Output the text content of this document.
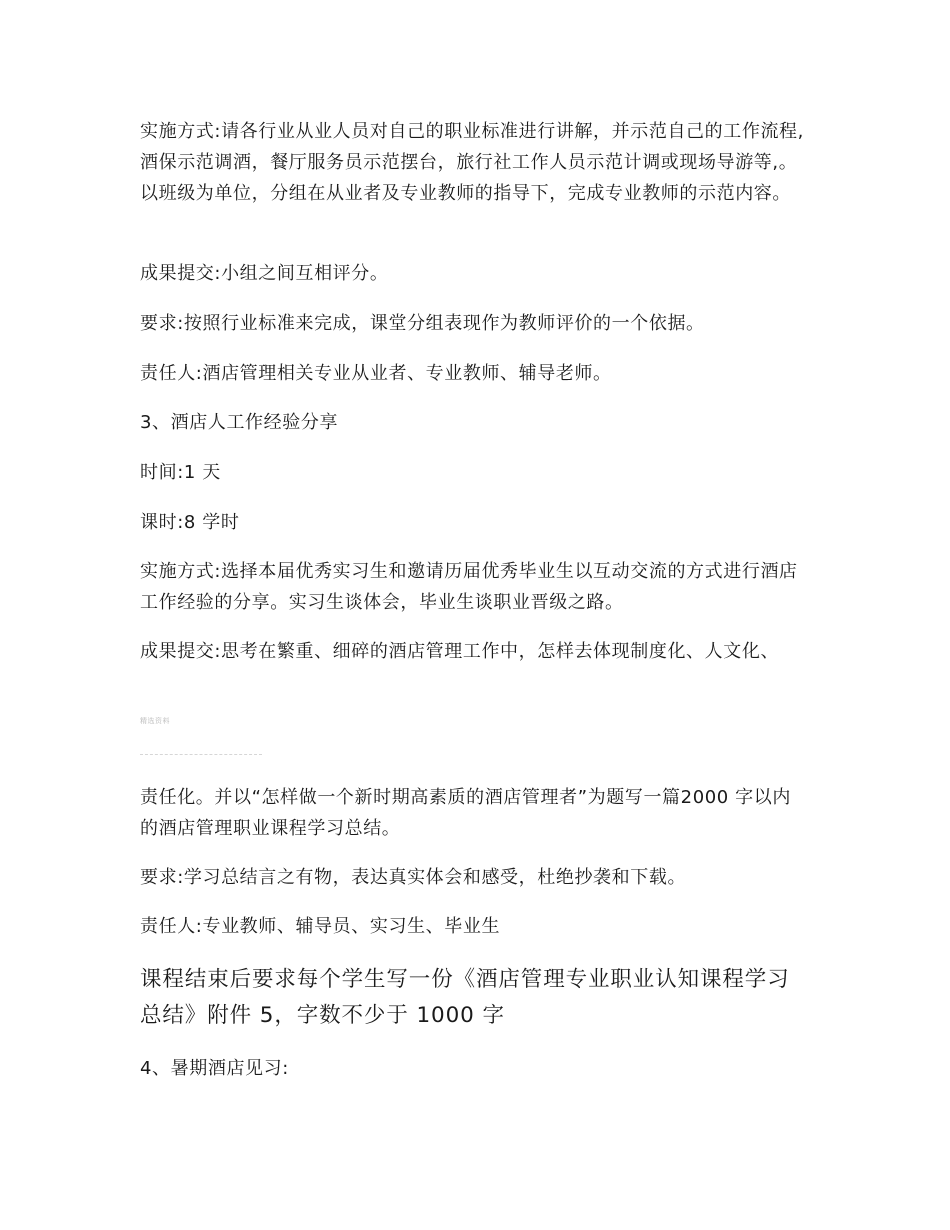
实施方式:请各行业从业人员对自己的职业标准进行讲解，并示范自己的工作流程,酒保示范调酒，餐厅服务员示范摆台，旅行社工作人员示范计调或现场导游等,。以班级为单位，分组在从业者及专业教师的指导下，完成专业教师的示范内容。

成果提交:小组之间互相评分。

要求:按照行业标准来完成，课堂分组表现作为教师评价的一个依据。

责任人:酒店管理相关专业从业者、专业教师、辅导老师。

3、酒店人工作经验分享

时间:1 天

课时:8 学时

实施方式:选择本届优秀实习生和邀请历届优秀毕业生以互动交流的方式进行酒店工作经验的分享。实习生谈体会，毕业生谈职业晋级之路。

成果提交:思考在繁重、细碎的酒店管理工作中，怎样去体现制度化、人文化、

精选资料

责任化。并以“怎样做一个新时期高素质的酒店管理者”为题写一篇2000 字以内的酒店管理职业课程学习总结。

要求:学习总结言之有物，表达真实体会和感受，杜绝抄袭和下载。

责任人:专业教师、辅导员、实习生、毕业生

课程结束后要求每个学生写一份《酒店管理专业职业认知课程学习总结》附件 5，字数不少于 1000 字

4、暑期酒店见习:
